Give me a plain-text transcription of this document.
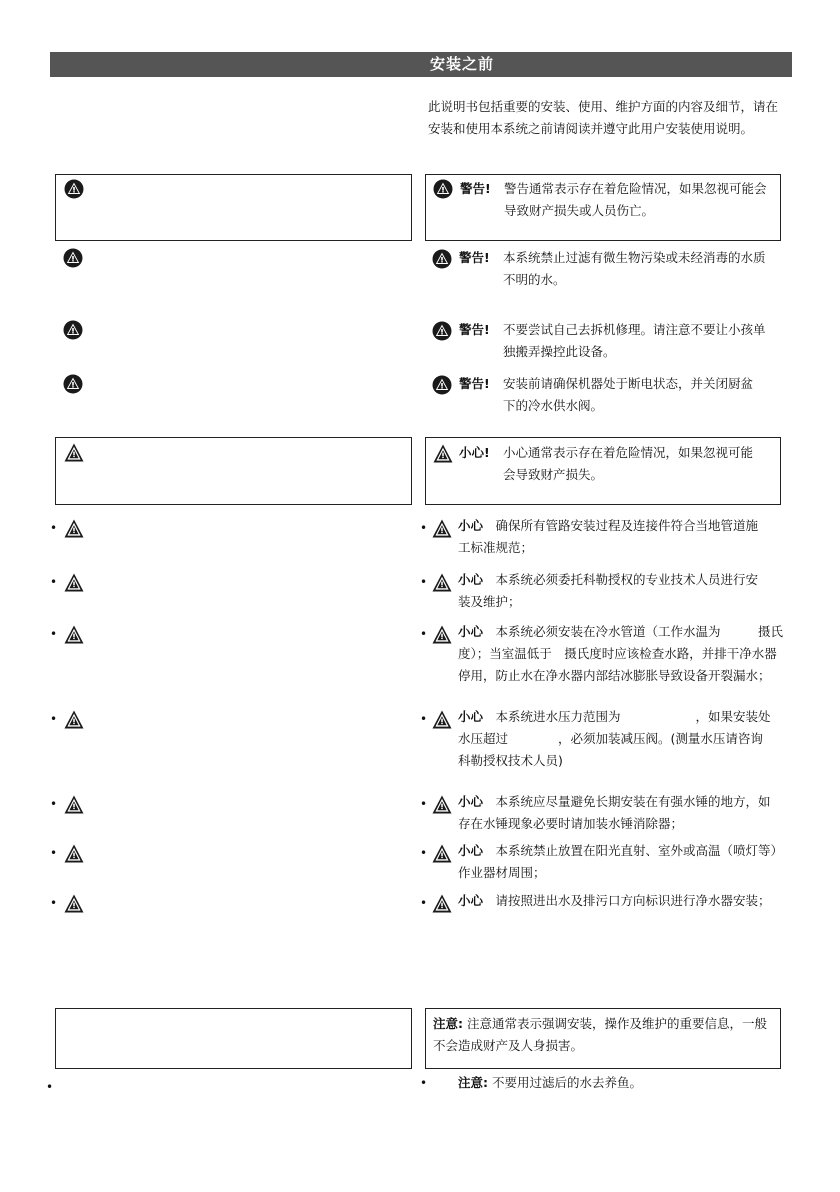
安装之前
此说明书包括重要的安装、使用、维护方面的内容及细节，请在
安装和使用本系统之前请阅读并遵守此用户安装使用说明。
•
•
•
•
•
•
•
•
警告! 警告通常表示存在着危险情况，如果忽视可能会
导致财产损失或人员伤亡。
警告! 本系统禁止过滤有微生物污染或未经消毒的水质
不明的水。
警告! 不要尝试自己去拆机修理。请注意不要让小孩单
独搬弄操控此设备。
警告! 安装前请确保机器处于断电状态，并关闭厨盆
下的冷水供水阀。
小心! 小心通常表示存在着危险情况，如果忽视可能
会导致财产损失。
• 小心　 确保所有管路安装过程及连接件符合当地管道施
工标准规范；
• 小心　 本系统必须委托科勒授权的专业技术人员进行安
装及维护；
• 小心　 本系统必须安装在冷水管道（工作水温为　　　摄氏
度）；当室温低于　摄氏度时应该检查水路，并排干净水器
停用，防止水在净水器内部结冰膨胀导致设备开裂漏水；
• 小心　 本系统进水压力范围为　　　　　　，如果安装处
水压超过　　　　，必须加装减压阀。(测量水压请咨询
科勒授权技术人员)
• 小心　 本系统应尽量避免长期安装在有强水锤的地方，如
存在水锤现象必要时请加装水锤消除器；
• 小心　 本系统禁止放置在阳光直射、室外或高温（喷灯等）
作业器材周围；
• 小心　 请按照进出水及排污口方向标识进行净水器安装；
注意: 注意通常表示强调安装，操作及维护的重要信息，一般
不会造成财产及人身损害。
• 注意: 不要用过滤后的水去养鱼。
